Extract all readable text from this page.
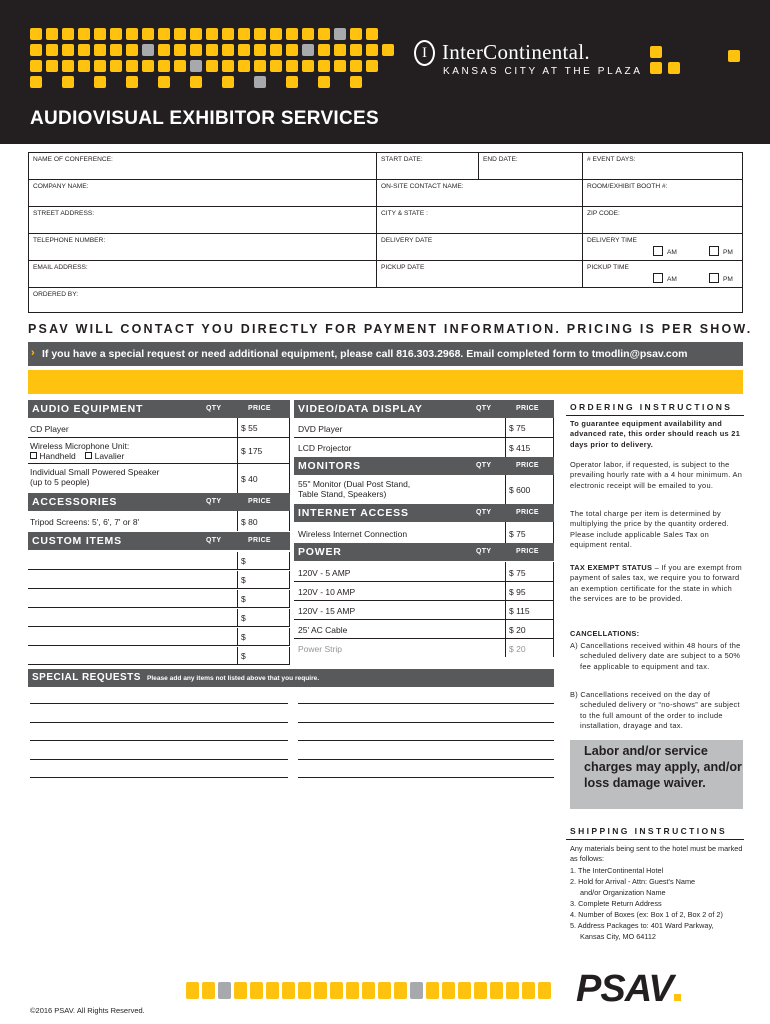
I InterContinental.
KANSAS CITY AT THE PLAZA
AUDIOVISUAL EXHIBITOR SERVICES
NAME OF CONFERENCE:	START DATE:	END DATE:	# EVENT DAYS:
COMPANY NAME:	ON-SITE CONTACT NAME:	ROOM/EXHIBIT BOOTH #:
STREET ADDRESS:	CITY & STATE :	ZIP CODE:
TELEPHONE NUMBER:	DELIVERY DATE	DELIVERY TIME
AM	PM
EMAIL ADDRESS:	PICKUP DATE	PICKUP TIME
AM	PM
ORDERED BY:
PSAV WILL CONTACT YOU DIRECTLY FOR PAYMENT INFORMATION. PRICING IS PER SHOW.
› If you have a special request or need additional equipment, please call 816.303.2968. Email completed form to tmodlin@psav.com
AUDIO EQUIPMENT	QTY	PRICE
CD Player	$ 55
Wireless Microphone Unit:
Handheld Lavalier	$ 175
Individual Small Powered Speaker
(up to 5 people)	$ 40
ACCESSORIES	QTY	PRICE
Tripod Screens: 5', 6', 7' or 8'	$ 80
CUSTOM ITEMS	QTY	PRICE
$
$
$
$
$
$
VIDEO/DATA DISPLAY	QTY	PRICE
DVD Player	$ 75
LCD Projector	$ 415
MONITORS	QTY	PRICE
55" Monitor (Dual Post Stand,
Table Stand, Speakers)	$ 600
INTERNET ACCESS	QTY	PRICE
Wireless Internet Connection	$ 75
POWER	QTY	PRICE
120V - 5 AMP	$ 75
120V - 10 AMP	$ 95
120V - 15 AMP	$ 115
25' AC Cable	$ 20
Power Strip	$ 20
SPECIAL REQUESTS Please add any items not listed above that you require.
ORDERING INSTRUCTIONS
To guarantee equipment availability and advanced rate, this order should reach us 21 days prior to delivery.
Operator labor, if requested, is subject to the prevailing hourly rate with a 4 hour minimum. An electronic receipt will be emailed to you.
The total charge per item is determined by multiplying the price by the quantity ordered. Please include applicable Sales Tax on equipment rental.
TAX EXEMPT STATUS – If you are exempt from payment of sales tax, we require you to forward an exemption certificate for the state in which the services are to be provided.
CANCELLATIONS:
A) Cancellations received within 48 hours of the scheduled delivery date are subject to a 50% fee applicable to equipment and tax.
B) Cancellations received on the day of scheduled delivery or “no-shows” are subject to the full amount of the order to include installation, drayage and tax.
Labor and/or service charges may apply, and/or loss damage waiver.
SHIPPING INSTRUCTIONS
Any materials being sent to the hotel must be marked as follows:
1. The InterContinental Hotel
2. Hold for Arrival - Attn: Guest's Name
and/or Organization Name
3. Complete Return Address
4. Number of Boxes (ex: Box 1 of 2, Box 2 of 2)
5. Address Packages to: 401 Ward Parkway,
Kansas City, MO 64112
PSAV
©2016 PSAV. All Rights Reserved.
